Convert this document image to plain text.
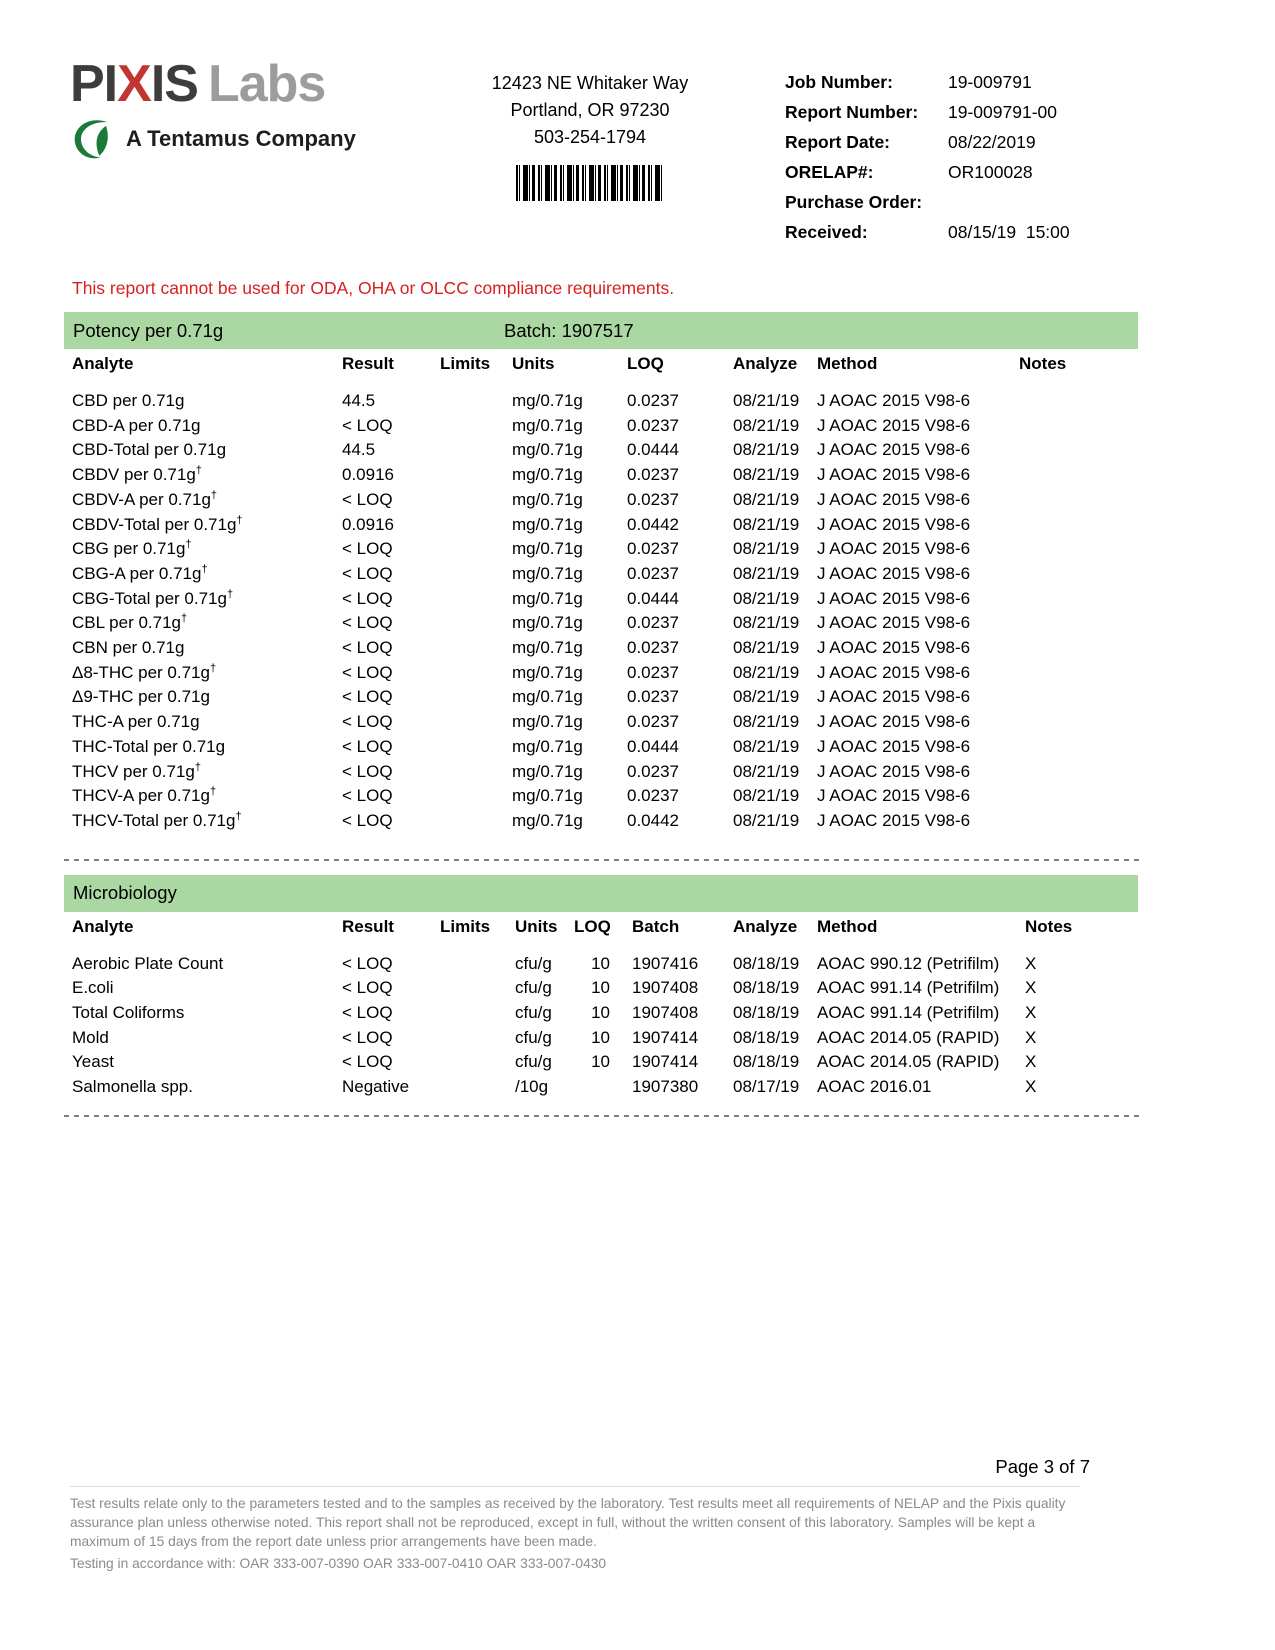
PIXIS Labs
A Tentamus Company
12423 NE Whitaker Way
Portland, OR 97230
503-254-1794
Job Number:	19-009791
Report Number:	19-009791-00
Report Date:	08/22/2019
ORELAP#:	OR100028
Purchase Order:
Received:	08/15/19  15:00
This report cannot be used for ODA, OHA or OLCC compliance requirements.
Potency per 0.71g	Batch: 1907517
Analyte	Result	Limits	Units	LOQ	Analyze	Method	Notes
CBD per 0.71g	44.5		mg/0.71g	0.0237	08/21/19	J AOAC 2015 V98-6	
CBD-A per 0.71g	< LOQ		mg/0.71g	0.0237	08/21/19	J AOAC 2015 V98-6	
CBD-Total per 0.71g	44.5		mg/0.71g	0.0444	08/21/19	J AOAC 2015 V98-6	
CBDV per 0.71g†	0.0916		mg/0.71g	0.0237	08/21/19	J AOAC 2015 V98-6	
CBDV-A per 0.71g†	< LOQ		mg/0.71g	0.0237	08/21/19	J AOAC 2015 V98-6	
CBDV-Total per 0.71g†	0.0916		mg/0.71g	0.0442	08/21/19	J AOAC 2015 V98-6	
CBG per 0.71g†	< LOQ		mg/0.71g	0.0237	08/21/19	J AOAC 2015 V98-6	
CBG-A per 0.71g†	< LOQ		mg/0.71g	0.0237	08/21/19	J AOAC 2015 V98-6	
CBG-Total per 0.71g†	< LOQ		mg/0.71g	0.0444	08/21/19	J AOAC 2015 V98-6	
CBL per 0.71g†	< LOQ		mg/0.71g	0.0237	08/21/19	J AOAC 2015 V98-6	
CBN per 0.71g	< LOQ		mg/0.71g	0.0237	08/21/19	J AOAC 2015 V98-6	
Δ8-THC per 0.71g†	< LOQ		mg/0.71g	0.0237	08/21/19	J AOAC 2015 V98-6	
Δ9-THC per 0.71g	< LOQ		mg/0.71g	0.0237	08/21/19	J AOAC 2015 V98-6	
THC-A per 0.71g	< LOQ		mg/0.71g	0.0237	08/21/19	J AOAC 2015 V98-6	
THC-Total per 0.71g	< LOQ		mg/0.71g	0.0444	08/21/19	J AOAC 2015 V98-6	
THCV per 0.71g†	< LOQ		mg/0.71g	0.0237	08/21/19	J AOAC 2015 V98-6	
THCV-A per 0.71g†	< LOQ		mg/0.71g	0.0237	08/21/19	J AOAC 2015 V98-6	
THCV-Total per 0.71g†	< LOQ		mg/0.71g	0.0442	08/21/19	J AOAC 2015 V98-6	
Microbiology
Analyte	Result	Limits	Units	LOQ	Batch	Analyze	Method	Notes
Aerobic Plate Count	< LOQ		cfu/g	10	1907416	08/18/19	AOAC 990.12 (Petrifilm)	X
E.coli	< LOQ		cfu/g	10	1907408	08/18/19	AOAC 991.14 (Petrifilm)	X
Total Coliforms	< LOQ		cfu/g	10	1907408	08/18/19	AOAC 991.14 (Petrifilm)	X
Mold	< LOQ		cfu/g	10	1907414	08/18/19	AOAC 2014.05 (RAPID)	X
Yeast	< LOQ		cfu/g	10	1907414	08/18/19	AOAC 2014.05 (RAPID)	X
Salmonella spp.	Negative		/10g		1907380	08/17/19	AOAC 2016.01	X
Page 3 of 7
Test results relate only to the parameters tested and to the samples as received by the laboratory. Test results meet all requirements of NELAP and the Pixis quality assurance plan unless otherwise noted. This report shall not be reproduced, except in full, without the written consent of this laboratory. Samples will be kept a maximum of 15 days from the report date unless prior arrangements have been made.
Testing in accordance with: OAR 333-007-0390 OAR 333-007-0410 OAR 333-007-0430
